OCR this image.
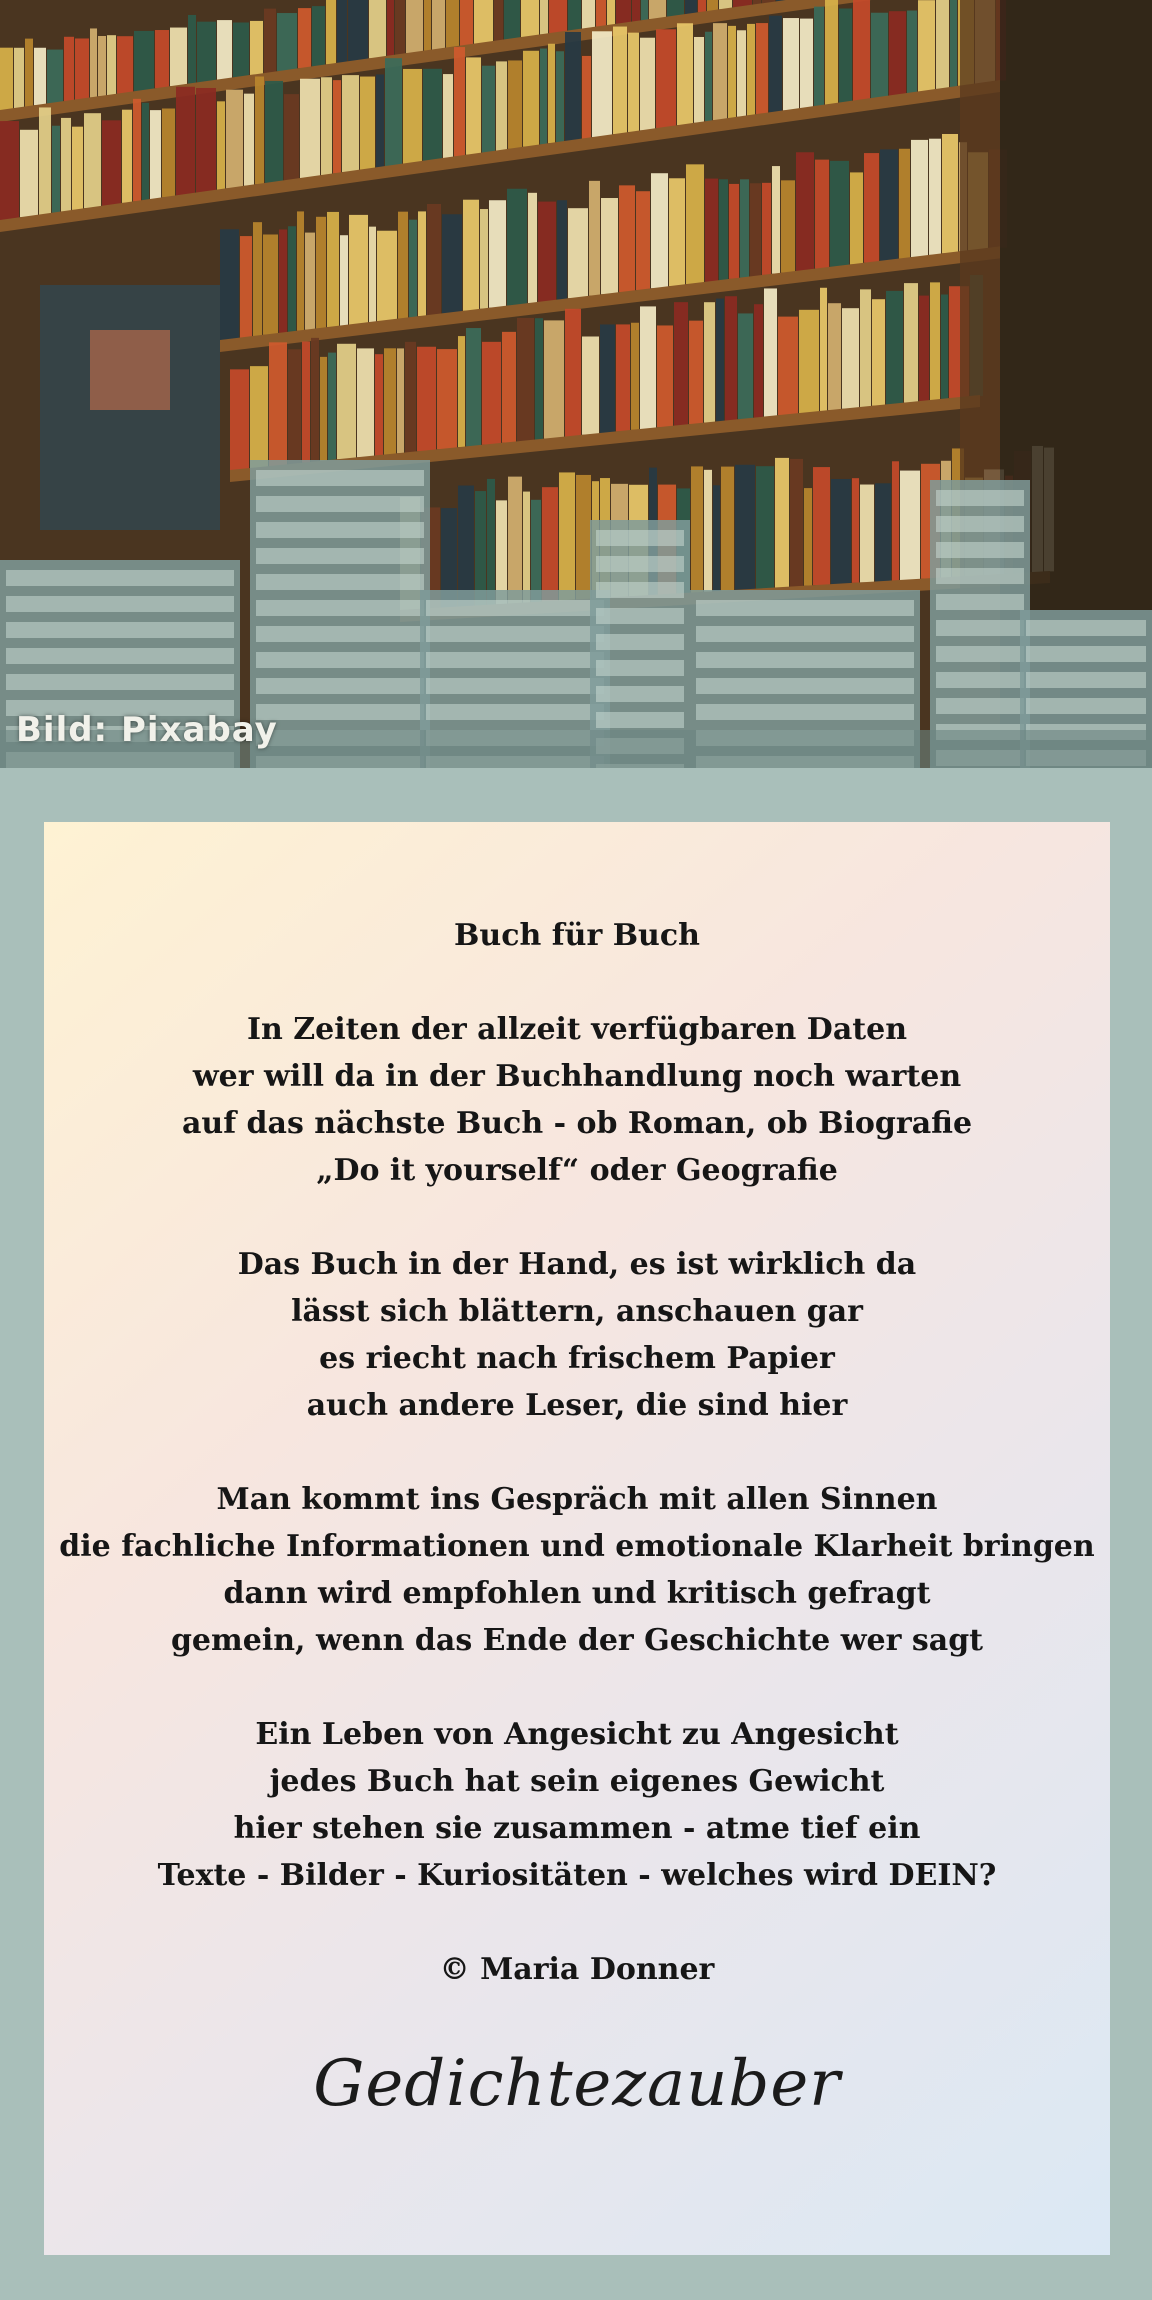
Bild: Pixabay
Buch für Buch
In Zeiten der allzeit verfügbaren Daten
wer will da in der Buchhandlung noch warten
auf das nächste Buch - ob Roman, ob Biografie
„Do it yourself“ oder Geografie
Das Buch in der Hand, es ist wirklich da
lässt sich blättern, anschauen gar
es riecht nach frischem Papier
auch andere Leser, die sind hier
Man kommt ins Gespräch mit allen Sinnen
die fachliche Informationen und emotionale Klarheit bringen
dann wird empfohlen und kritisch gefragt
gemein, wenn das Ende der Geschichte wer sagt
Ein Leben von Angesicht zu Angesicht
jedes Buch hat sein eigenes Gewicht
hier stehen sie zusammen - atme tief ein
Texte - Bilder - Kuriositäten - welches wird DEIN?
© Maria Donner
Gedichtezauber
